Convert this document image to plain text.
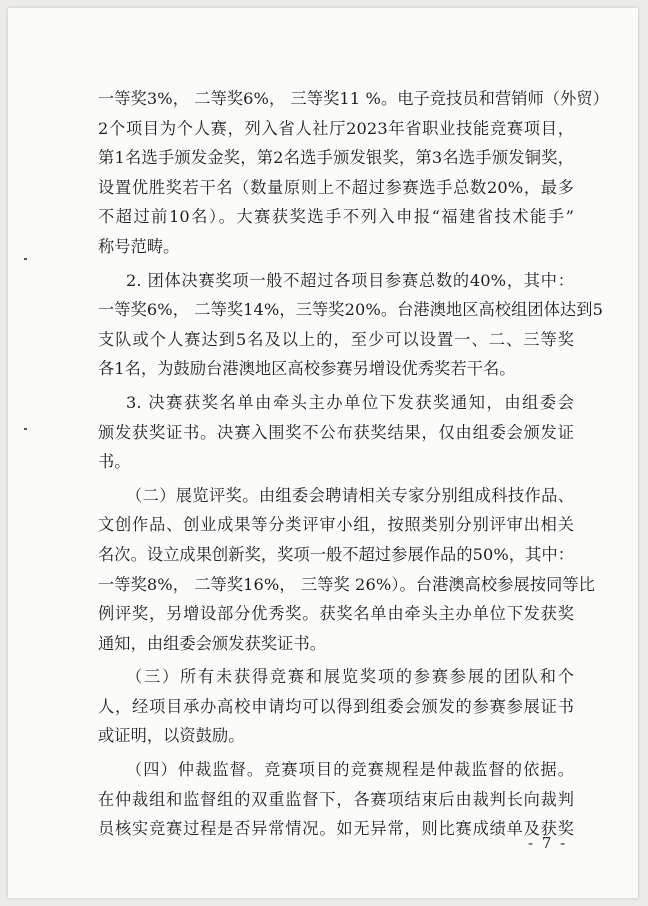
一等奖3%， 二等奖6%， 三等奖11 %。电子竞技员和营销师（外贸）
2个项目为个人赛，列入省人社厅2023年省职业技能竞赛项目，
第1名选手颁发金奖，第2名选手颁发银奖，第3名选手颁发铜奖，
设置优胜奖若干名（数量原则上不超过参赛选手总数20%，最多
不超过前10名）。大赛获奖选手不列入申报“福建省技术能手”
称号范畴。
2. 团体决赛奖项一般不超过各项目参赛总数的40%，其中：
一等奖6%， 二等奖14%，三等奖20%。台港澳地区高校组团体达到5
支队或个人赛达到5名及以上的，至少可以设置一、二、三等奖
各1名，为鼓励台港澳地区高校参赛另增设优秀奖若干名。
3. 决赛获奖名单由牵头主办单位下发获奖通知，由组委会
颁发获奖证书。决赛入围奖不公布获奖结果，仅由组委会颁发证
书。
（二）展览评奖。由组委会聘请相关专家分别组成科技作品、
文创作品、创业成果等分类评审小组，按照类别分别评审出相关
名次。设立成果创新奖，奖项一般不超过参展作品的50%，其中：
一等奖8%， 二等奖16%， 三等奖 26%）。台港澳高校参展按同等比
例评奖，另增设部分优秀奖。获奖名单由牵头主办单位下发获奖
通知，由组委会颁发获奖证书。
（三）所有未获得竞赛和展览奖项的参赛参展的团队和个
人，经项目承办高校申请均可以得到组委会颁发的参赛参展证书
或证明，以资鼓励。
（四）仲裁监督。竞赛项目的竞赛规程是仲裁监督的依据。
在仲裁组和监督组的双重监督下，各赛项结束后由裁判长向裁判
员核实竞赛过程是否异常情况。如无异常，则比赛成绩单及获奖
- 7 -
